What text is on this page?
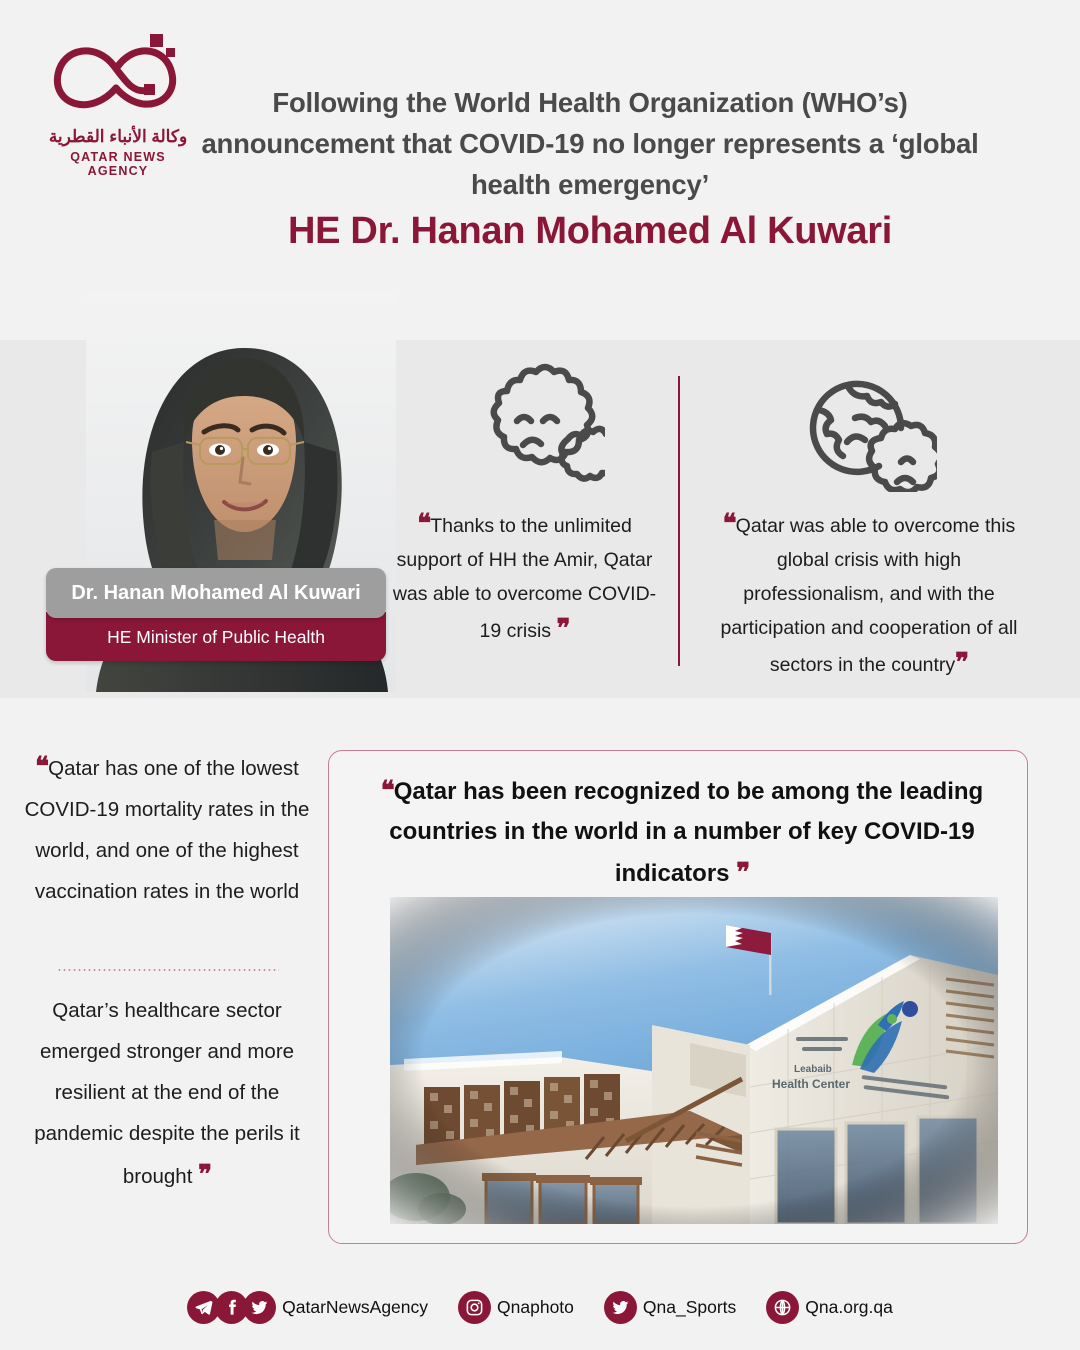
وكالة الأنباء القطرية
QATAR NEWS AGENCY
Following the World Health Organization (WHO’s) announcement that COVID-19 no longer represents a ‘global health emergency’
HE Dr. Hanan Mohamed Al Kuwari
Dr. Hanan Mohamed Al Kuwari
HE Minister of Public Health
❝Thanks to the unlimited support of HH the Amir, Qatar was able to overcome COVID-19 crisis ❞
❝Qatar was able to overcome this global crisis with high professionalism, and with the participation and cooperation of all sectors in the country❞
❝Qatar has one of the lowest COVID-19 mortality rates in the world, and one of the highest vaccination rates in the world
Qatar’s healthcare sector emerged stronger and more resilient at the end of the pandemic despite the perils it brought ❞
❝Qatar has been recognized to be among the leading countries in the world in a number of key COVID-19 indicators ❞
QatarNewsAgency	Qnaphoto	Qna_Sports	Qna.org.qa
